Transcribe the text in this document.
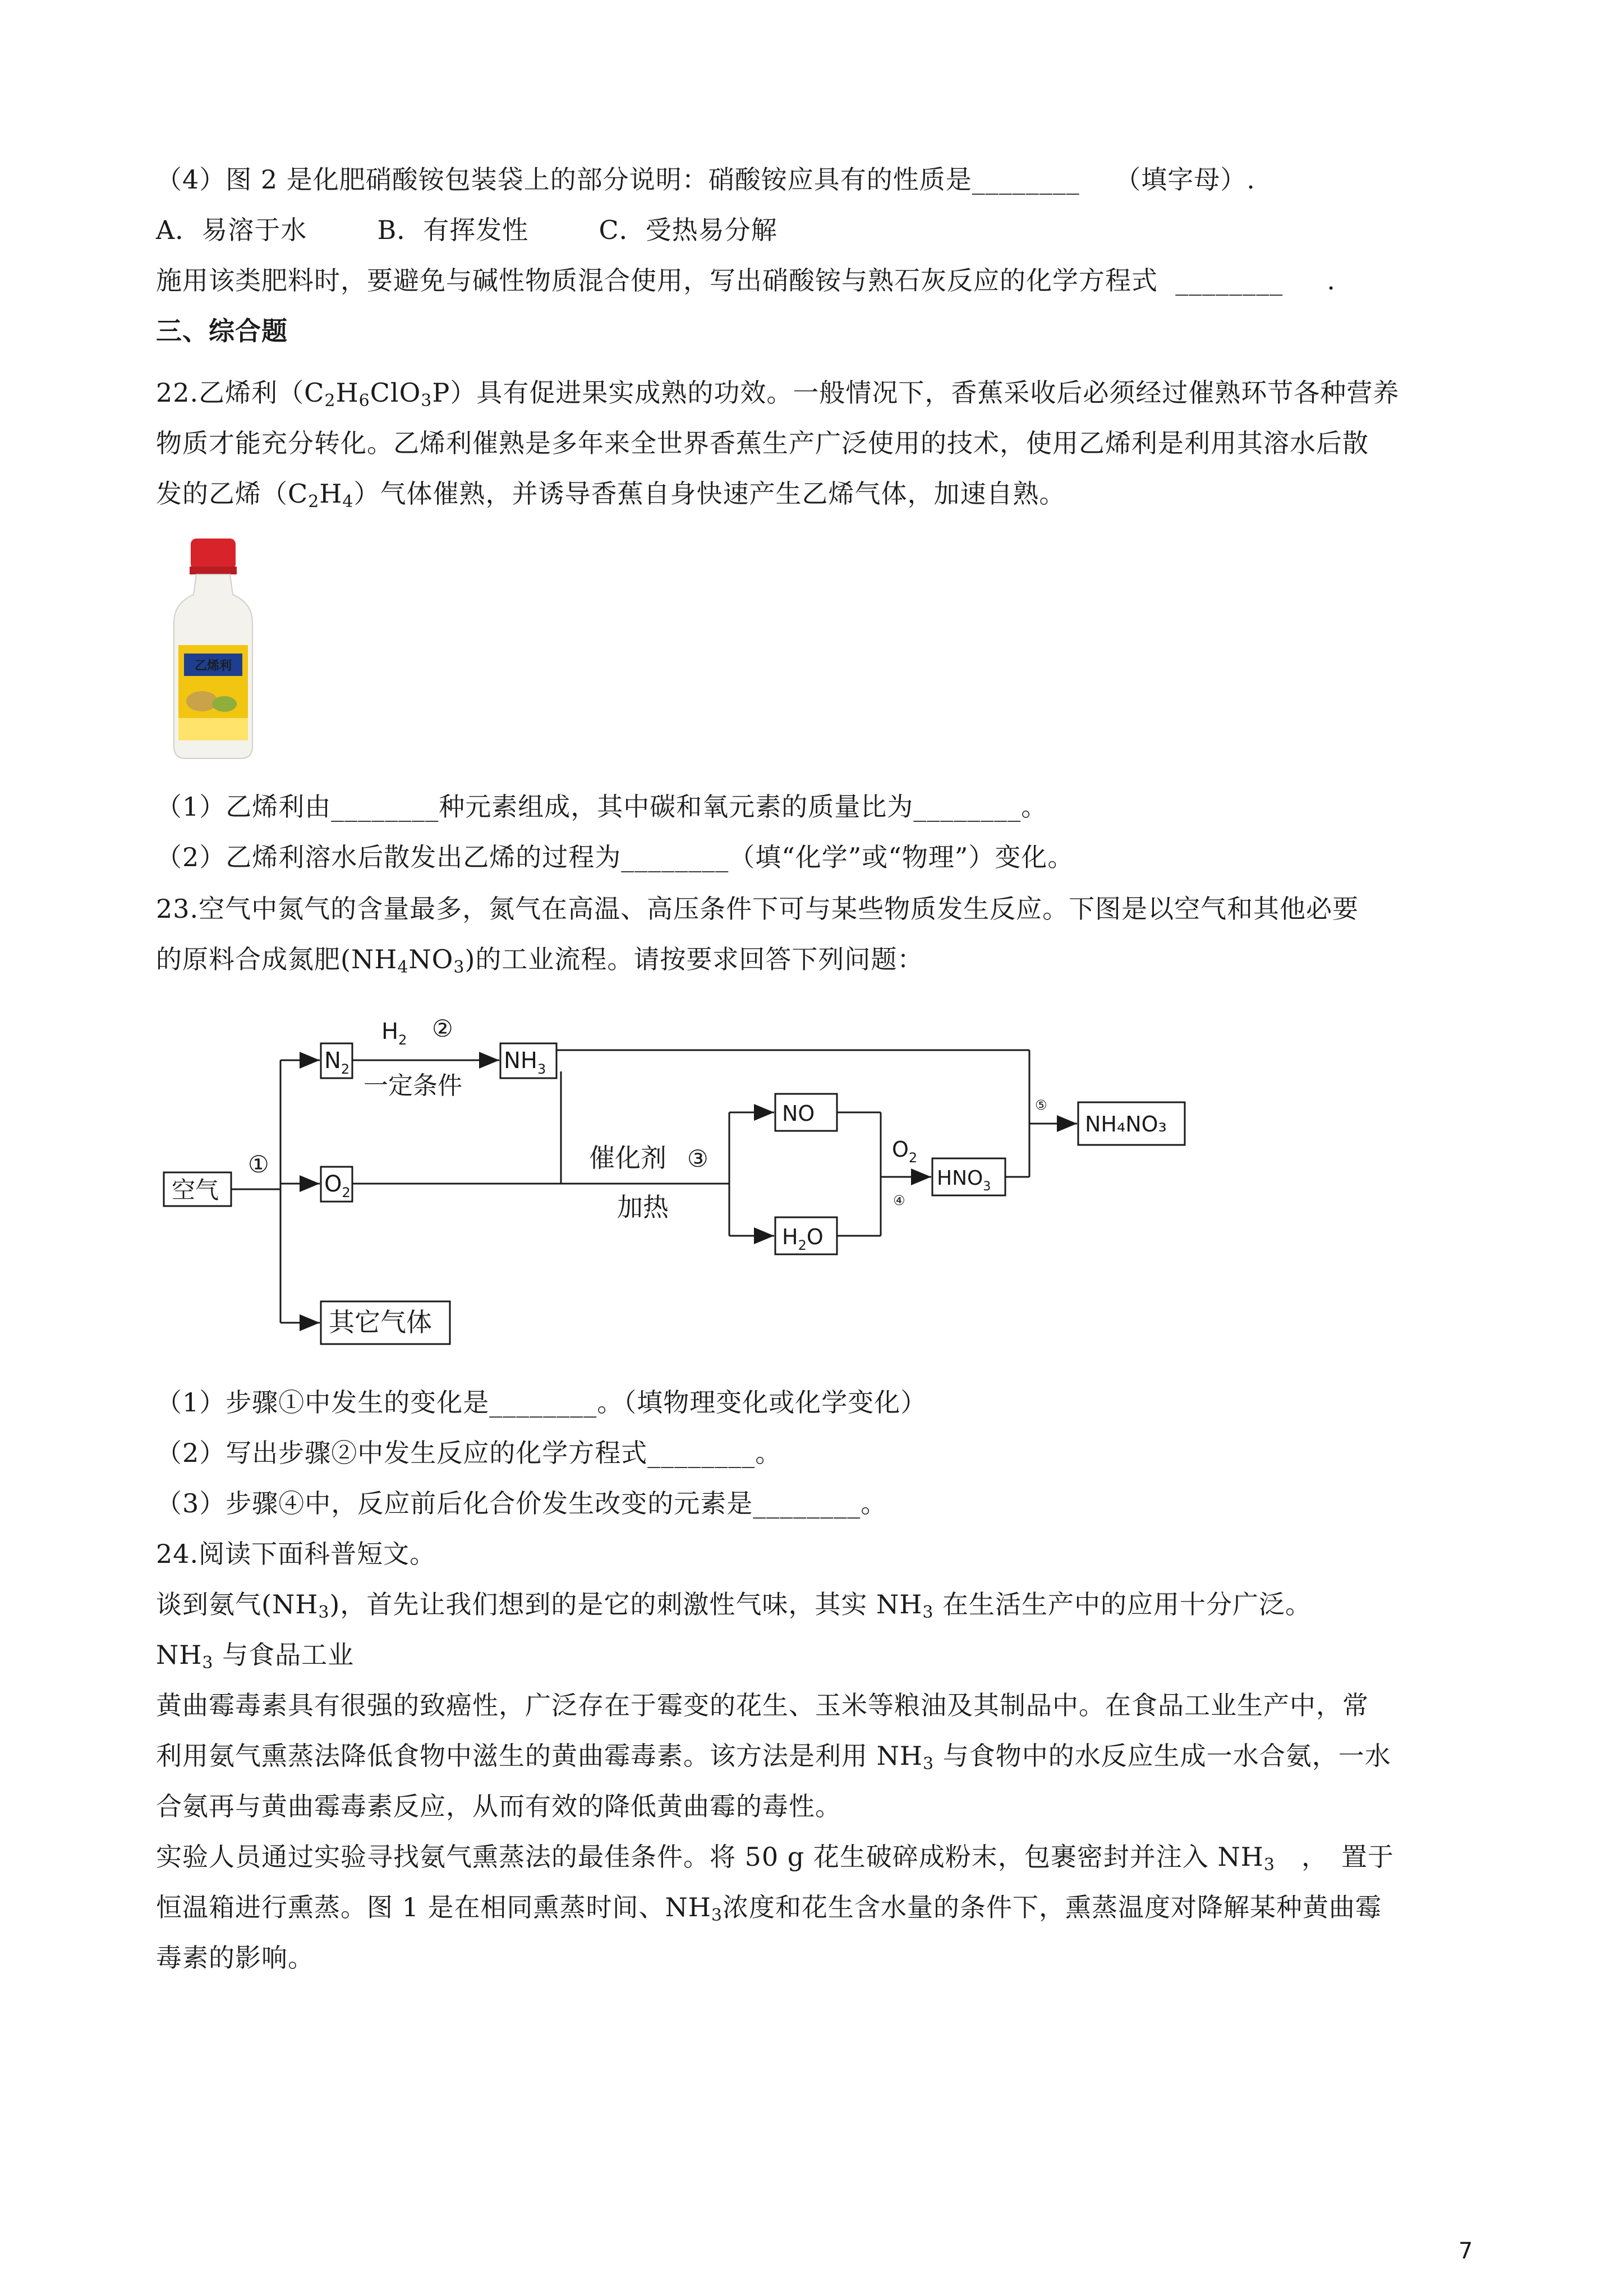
（4）图 2 是化肥硝酸铵包装袋上的部分说明：硝酸铵应具有的性质是________ （填字母）.
A．易溶于水 　　 B．有挥发性 　　 C．受热易分解
施用该类肥料时，要避免与碱性物质混合使用，写出硝酸铵与熟石灰反应的化学方程式 ________ .
三、综合题
22.乙烯利$(C_2H_6ClO_3P)$具有促进果实成熟的功效。一般情况下，香蕉采收后必须经过催熟环节各种营养
物质才能充分转化。乙烯利催熟是多年来全世界香蕉生产广泛使用的技术，使用乙烯利是利用其溶水后散
发的乙烯$(C_2H_4)$气体催熟，并诱导香蕉自身快速产生乙烯气体，加速自熟。
乙烯利
（1）乙烯利由________种元素组成，其中碳和氧元素的质量比为________。
（2）乙烯利溶水后散发出乙烯的过程为________（填“化学”或“物理”）变化。
23.空气中氮气的含量最多，氮气在高温、高压条件下可与某些物质发生反应。下图是以空气和其他必要
的原料合成氮肥$(NH_4NO_3)$的工业流程。请按要求回答下列问题：
空气
①
$N_2$
$H_2$ ②
一定条件
$NH_3$
$O_2$
催化剂 ③
加热
NO
$H_2O$
$O_2$
④
$HNO_3$
⑤
NH₄NO₃
其它气体
（1）步骤①中发生的变化是________。（填物理变化或化学变化）
（2）写出步骤②中发生反应的化学方程式________。
（3）步骤④中，反应前后化合价发生改变的元素是________。
24.阅读下面科普短文。
谈到氨气$(NH_3)$，首先让我们想到的是它的刺激性气味，其实 $NH_3$ 在生活生产中的应用十分广泛。
$NH_3$ 与食品工业
黄曲霉毒素具有很强的致癌性，广泛存在于霉变的花生、玉米等粮油及其制品中。在食品工业生产中，常
利用氨气熏蒸法降低食物中滋生的黄曲霉毒素。该方法是利用 $NH_3$ 与食物中的水反应生成一水合氨，一水
合氨再与黄曲霉毒素反应，从而有效的降低黄曲霉的毒性。
实验人员通过实验寻找氨气熏蒸法的最佳条件。将 50 g 花生破碎成粉末，包裹密封并注入 $NH_3$　，　置于
恒温箱进行熏蒸。图 1 是在相同熏蒸时间、$NH_3$浓度和花生含水量的条件下，熏蒸温度对降解某种黄曲霉
毒素的影响。
7
